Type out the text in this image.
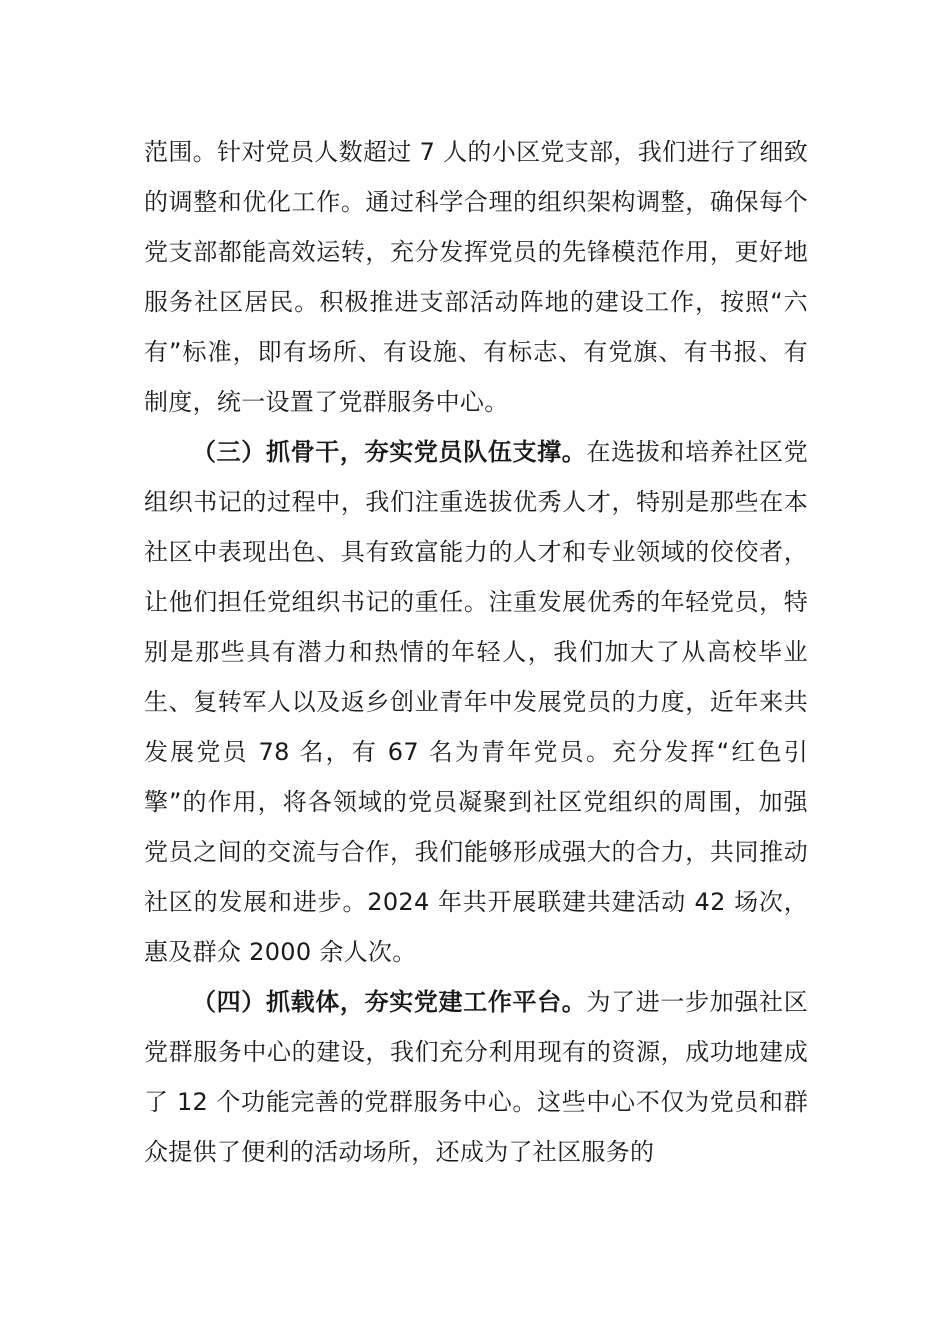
范围。针对党员人数超过 7 人的小区党支部，我们进行了细致的调整和优化工作。通过科学合理的组织架构调整，确保每个党支部都能高效运转，充分发挥党员的先锋模范作用，更好地服务社区居民。积极推进支部活动阵地的建设工作，按照“六有”标准，即有场所、有设施、有标志、有党旗、有书报、有制度，统一设置了党群服务中心。

（三）抓骨干，夯实党员队伍支撑。在选拔和培养社区党组织书记的过程中，我们注重选拔优秀人才，特别是那些在本社区中表现出色、具有致富能力的人才和专业领域的佼佼者，让他们担任党组织书记的重任。注重发展优秀的年轻党员，特别是那些具有潜力和热情的年轻人，我们加大了从高校毕业生、复转军人以及返乡创业青年中发展党员的力度，近年来共发展党员 78 名，有 67 名为青年党员。充分发挥“红色引擎”的作用，将各领域的党员凝聚到社区党组织的周围，加强党员之间的交流与合作，我们能够形成强大的合力，共同推动社区的发展和进步。2024 年共开展联建共建活动 42 场次，惠及群众 2000 余人次。

（四）抓载体，夯实党建工作平台。为了进一步加强社区党群服务中心的建设，我们充分利用现有的资源，成功地建成了 12 个功能完善的党群服务中心。这些中心不仅为党员和群众提供了便利的活动场所，还成为了社区服务的
